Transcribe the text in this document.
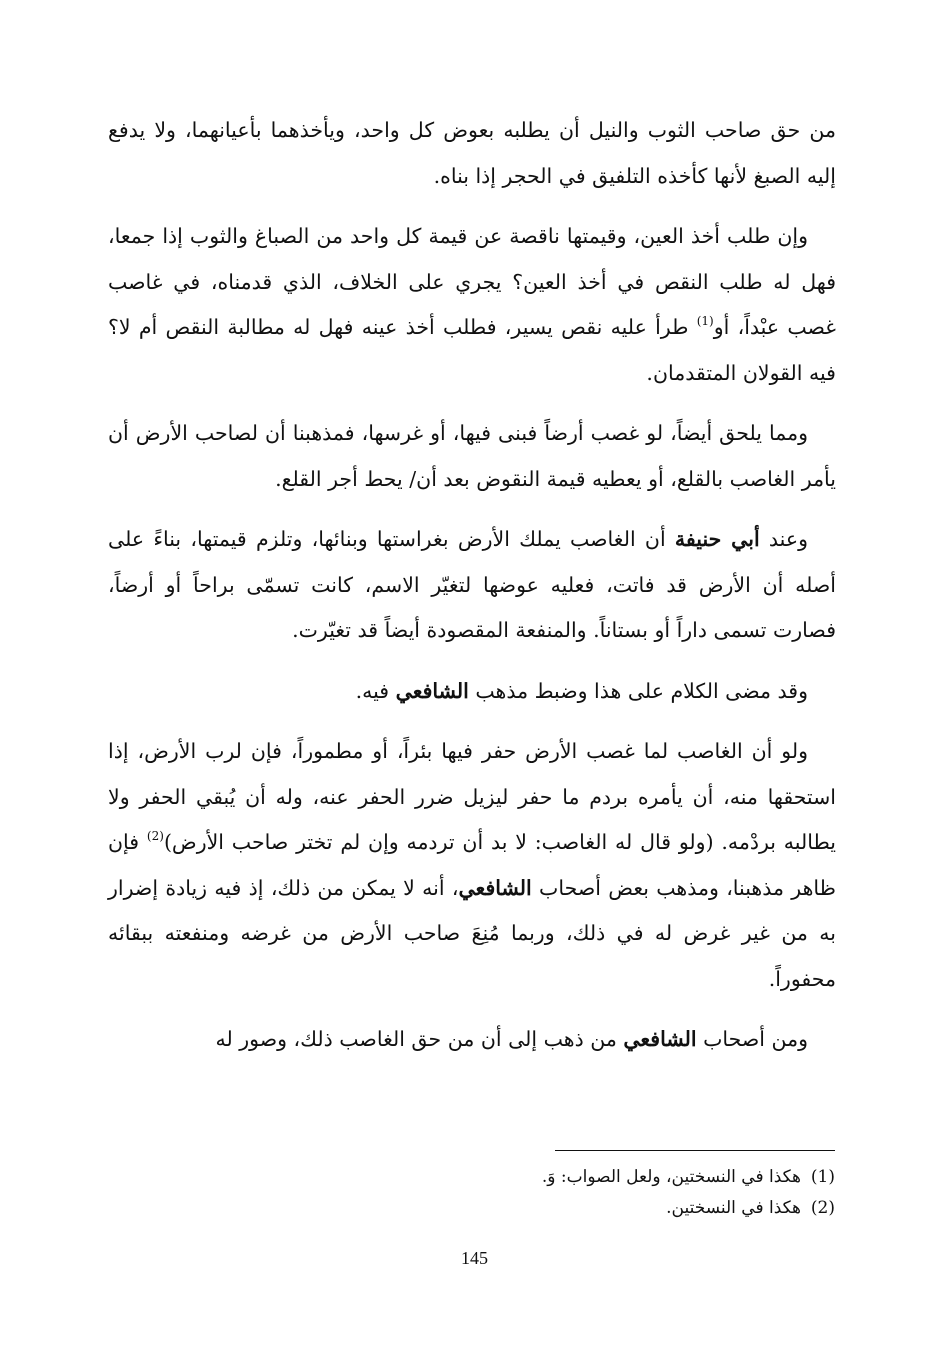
من حق صاحب الثوب والنيل أن يطلبه بعوض كل واحد، ويأخذهما بأعيانهما، ولا يدفع إليه الصبغ لأنها كأخذه التلفيق في الحجر إذا بناه.

وإن طلب أخذ العين، وقيمتها ناقصة عن قيمة كل واحد من الصباغ والثوب إذا جمعا، فهل له طلب النقص في أخذ العين؟ يجري على الخلاف، الذي قدمناه، في غاصب غصب عبْداً، أو$^{(1)}$ طرأ عليه نقص يسير، فطلب أخذ عينه فهل له مطالبة النقص أم لا؟ فيه القولان المتقدمان.

ومما يلحق أيضاً، لو غصب أرضاً فبنى فيها، أو غرسها، فمذهبنا أن لصاحب الأرض أن يأمر الغاصب بالقلع، أو يعطيه قيمة النقوض بعد أن/ يحط أجر القلع.

وعند أبي حنيفة أن الغاصب يملك الأرض بغراستها وبنائها، وتلزم قيمتها، بناءً على أصله أن الأرض قد فاتت، فعليه عوضها لتغيّر الاسم، كانت تسمّى براحاً أو أرضاً، فصارت تسمى داراً أو بستاناً. والمنفعة المقصودة أيضاً قد تغيّرت.

وقد مضى الكلام على هذا وضبط مذهب الشافعي فيه.

ولو أن الغاصب لما غصب الأرض حفر فيها بئراً، أو مطموراً، فإن لرب الأرض، إذا استحقها منه، أن يأمره بردم ما حفر ليزيل ضرر الحفر عنه، وله أن يُبقي الحفر ولا يطالبه بردْمه. (ولو قال له الغاصب: لا بد أن تردمه وإن لم تختر صاحب الأرض)$^{(2)}$ فإن ظاهر مذهبنا، ومذهب بعض أصحاب الشافعي، أنه لا يمكن من ذلك، إذ فيه زيادة إضرار به من غير غرض له في ذلك، وربما مُنِعَ صاحب الأرض من غرضه ومنفعته ببقائه محفوراً.

ومن أصحاب الشافعي من ذهب إلى أن من حق الغاصب ذلك، وصور له

(1)هكذا في النسختين، ولعل الصواب: وَ.

(2)هكذا في النسختين.

145
